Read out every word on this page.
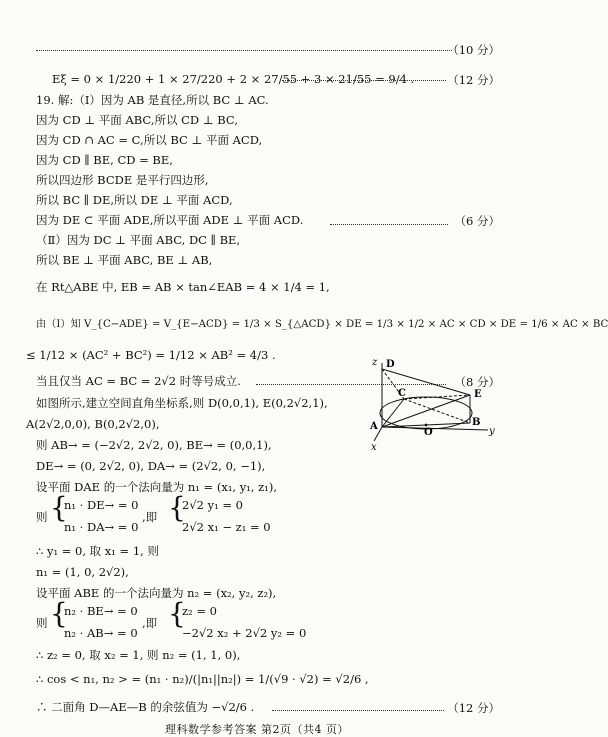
（10 分）
Eξ = 0 × 1/220 + 1 × 27/220 + 2 × 27/55 + 3 × 21/55 = 9/4 .	（12 分）
19. 解:（Ⅰ）因为 AB 是直径,所以 BC ⊥ AC.
因为 CD ⊥ 平面 ABC,所以 CD ⊥ BC,
因为 CD ∩ AC = C,所以 BC ⊥ 平面 ACD,
因为 CD ∥ BE, CD = BE,
所以四边形 BCDE 是平行四边形,
所以 BC ∥ DE,所以 DE ⊥ 平面 ACD,
因为 DE ⊂ 平面 ADE,所以平面 ADE ⊥ 平面 ACD.	（6 分）
（Ⅱ）因为 DC ⊥ 平面 ABC, DC ∥ BE,
所以 BE ⊥ 平面 ABC, BE ⊥ AB,
在 Rt△ABE 中, EB = AB × tan∠EAB = 4 × 1/4 = 1,
由（Ⅰ）知 V_{C−ADE} = V_{E−ACD} = 1/3 × S_{△ACD} × DE = 1/3 × 1/2 × AC × CD × DE = 1/6 × AC × BC
≤ 1/12 × (AC² + BC²) = 1/12 × AB² = 4/3 .
当且仅当 AC = BC = 2√2 时等号成立.	（8 分）
如图所示,建立空间直角坐标系,则 D(0,0,1), E(0,2√2,1),
A(2√2,0,0), B(0,2√2,0),
则 AB→ = (−2√2, 2√2, 0), BE→ = (0,0,1),
DE→ = (0, 2√2, 0), DA→ = (2√2, 0, −1),
设平面 DAE 的一个法向量为 n₁ = (x₁, y₁, z₁),
则 {
n₁ · DE→ = 0
n₁ · DA→ = 0
,即 {
2√2 y₁ = 0
2√2 x₁ − z₁ = 0
∴ y₁ = 0, 取 x₁ = 1, 则
n₁ = (1, 0, 2√2),
设平面 ABE 的一个法向量为 n₂ = (x₂, y₂, z₂),
则 {
n₂ · BE→ = 0
n₂ · AB→ = 0
,即 {
z₂ = 0
−2√2 x₂ + 2√2 y₂ = 0
∴ z₂ = 0, 取 x₂ = 1, 则 n₂ = (1, 1, 0),
∴ cos < n₁, n₂ > = (n₁ · n₂)/(|n₁||n₂|) = 1/(√9 · √2) = √2/6 ,
∴ 二面角 D—AE—B 的余弦值为 −√2/6 .	（12 分）
理科数学参考答案 第2页（共4 页）
z D
C	E
A
O
B
y
x
